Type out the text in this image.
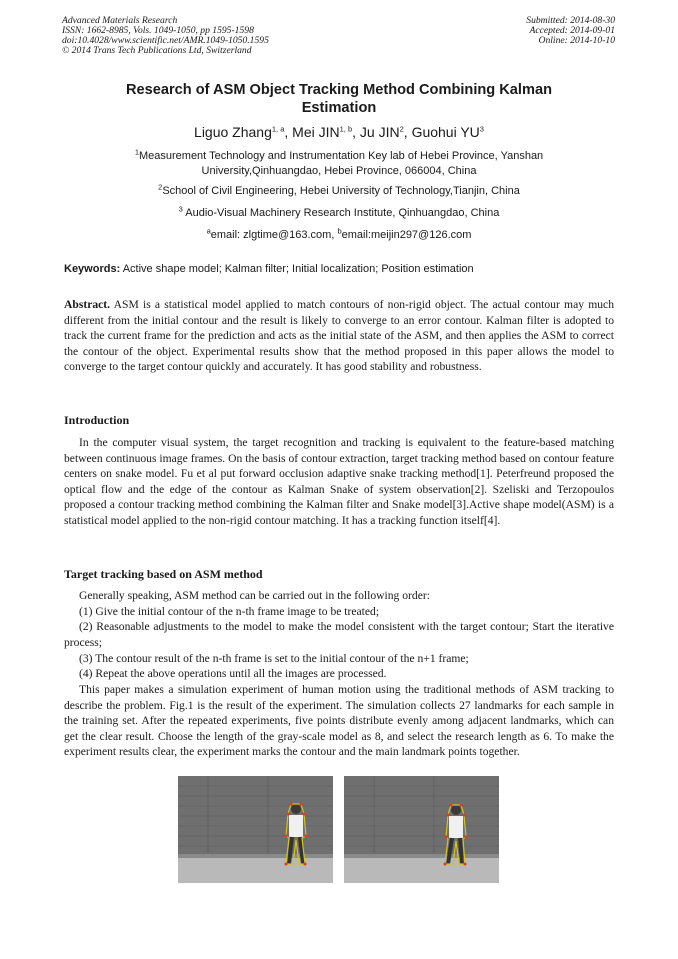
Advanced Materials Research
ISSN: 1662-8985, Vols. 1049-1050, pp 1595-1598
doi:10.4028/www.scientific.net/AMR.1049-1050.1595
© 2014 Trans Tech Publications Ltd, Switzerland
Submitted: 2014-08-30
Accepted: 2014-09-01
Online: 2014-10-10
Research of ASM Object Tracking Method Combining Kalman
Estimation
Liguo Zhang$^{1, a}$, Mei JIN$^{1, b}$, Ju JIN$^2$, Guohui $YU^3$
$^1$Measurement Technology and Instrumentation Key lab of Hebei Province, Yanshan
University,Qinhuangdao, Hebei Province, 066004, China
$^2$School of Civil Engineering, Hebei University of Technology,Tianjin, China
$^3$ Audio-Visual Machinery Research Institute, Qinhuangdao, China
$^a$email: zlgtime@163.com, $^b$email:meijin297@126.com
Keywords: Active shape model; Kalman filter; Initial localization; Position estimation
Abstract. ASM is a statistical model applied to match contours of non-rigid object. The actual contour may much different from the initial contour and the result is likely to converge to an error contour. Kalman filter is adopted to track the current frame for the prediction and acts as the initial state of the ASM, and then applies the ASM to correct the contour of the object. Experimental results show that the method proposed in this paper allows the model to converge to the target contour quickly and accurately. It has good stability and robustness.
Introduction
In the computer visual system, the target recognition and tracking is equivalent to the feature-based matching between continuous image frames. On the basis of contour extraction, target tracking method based on contour feature centers on snake model. Fu et al put forward occlusion adaptive snake tracking method[1]. Peterfreund proposed the optical flow and the edge of the contour as Kalman Snake of system observation[2]. Szeliski and Terzopoulos proposed a contour tracking method combining the Kalman filter and Snake model[3].Active shape model(ASM) is a statistical model applied to the non-rigid contour matching. It has a tracking function itself[4].
Target tracking based on ASM method
Generally speaking, ASM method can be carried out in the following order:
(1) Give the initial contour of the n-th frame image to be treated;
(2) Reasonable adjustments to the model to make the model consistent with the target contour; Start the iterative process;
(3) The contour result of the n-th frame is set to the initial contour of the n+1 frame;
(4) Repeat the above operations until all the images are processed.
This paper makes a simulation experiment of human motion using the traditional methods of ASM tracking to describe the problem. Fig.1 is the result of the experiment. The simulation collects 27 landmarks for each sample in the training set. After the repeated experiments, five points distribute evenly among adjacent landmarks, which can get the clear result. Choose the length of the gray-scale model as 8, and select the research length as 6. To make the experiment results clear, the experiment marks the contour and the main landmark points together.
